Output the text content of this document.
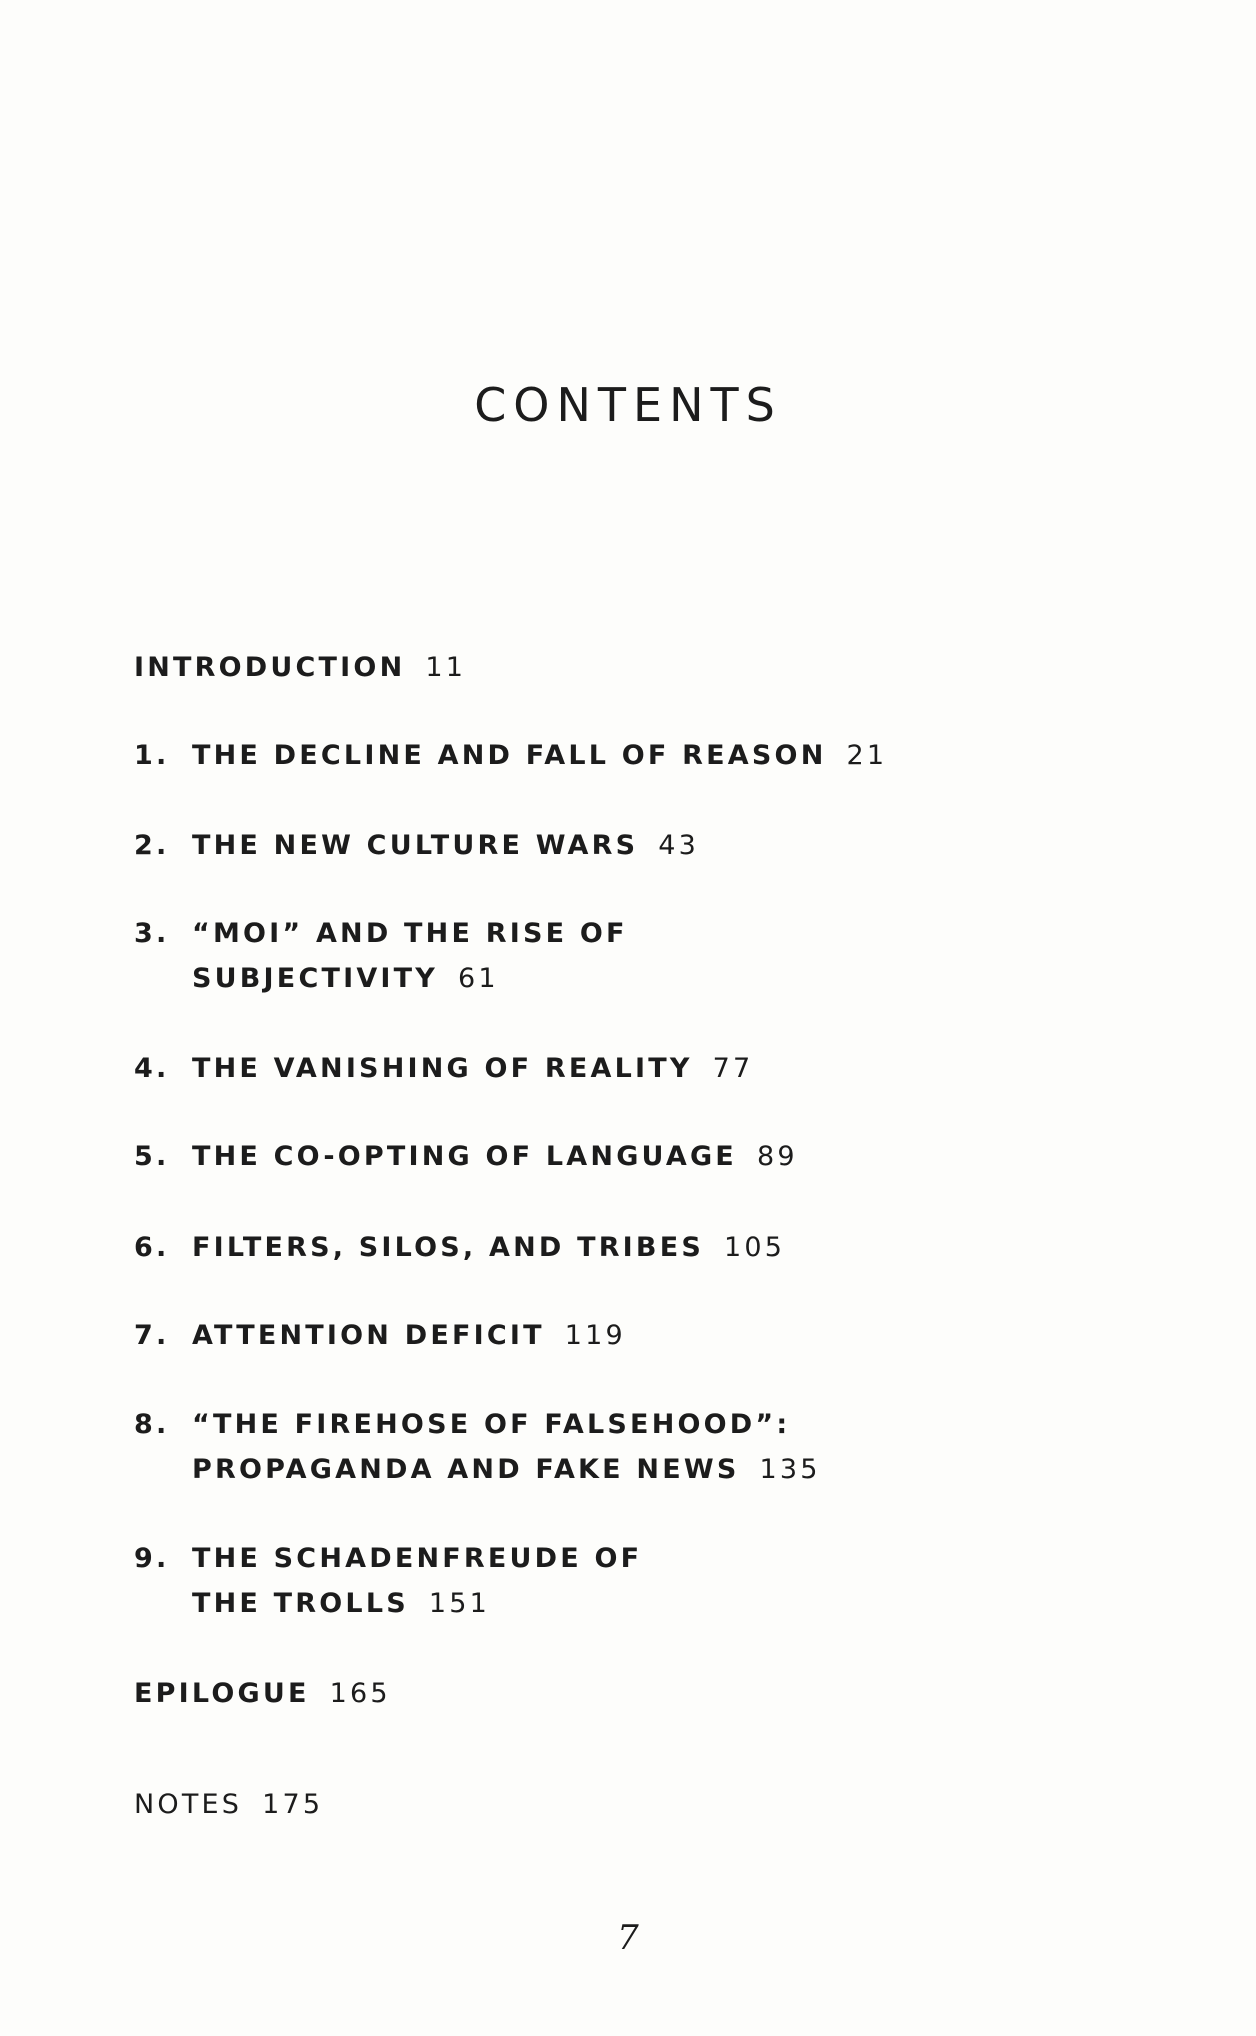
CONTENTS
INTRODUCTION 11
1. THE DECLINE AND FALL OF REASON 21
2. THE NEW CULTURE WARS 43
3. “MOI” AND THE RISE OF
SUBJECTIVITY 61
4. THE VANISHING OF REALITY 77
5. THE CO-OPTING OF LANGUAGE 89
6. FILTERS, SILOS, AND TRIBES 105
7. ATTENTION DEFICIT 119
8. “THE FIREHOSE OF FALSEHOOD”:
PROPAGANDA AND FAKE NEWS 135
9. THE SCHADENFREUDE OF
THE TROLLS 151
EPILOGUE 165
NOTES 175
7
